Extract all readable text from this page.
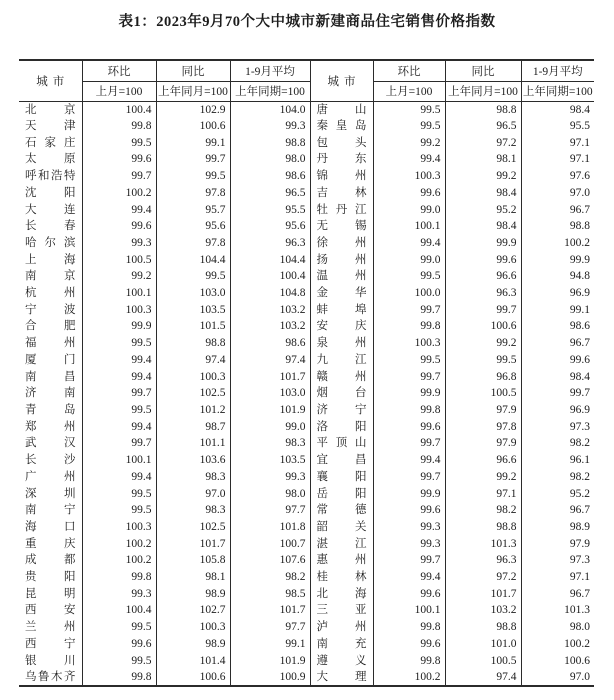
表1：2023年9月70个大中城市新建商品住宅销售价格指数
城市	环比	同比	1-9月平均	城市	环比	同比	1-9月平均
	上月=100	上年同月=100	上年同期=100		上月=100	上年同月=100	上年同期=100

北 京	100.4	102.9	104.0	唐 山	99.5	98.8	98.4

天 津	99.8	100.6	99.3	秦 皇 岛	99.5	96.5	95.5

石 家 庄	99.5	99.1	98.8	包 头	99.2	97.2	97.1

太 原	99.6	99.7	98.0	丹 东	99.4	98.1	97.1

呼 和 浩 特	99.7	99.5	98.6	锦 州	100.3	99.2	97.6

沈 阳	100.2	97.8	96.5	吉 林	99.6	98.4	97.0

大 连	99.4	95.7	95.5	牡 丹 江	99.0	95.2	96.7

长 春	99.6	95.6	95.6	无 锡	100.1	98.4	98.8

哈 尔 滨	99.3	97.8	96.3	徐 州	99.4	99.9	100.2

上 海	100.5	104.4	104.4	扬 州	99.0	99.6	99.9

南 京	99.2	99.5	100.4	温 州	99.5	96.6	94.8

杭 州	100.1	103.0	104.8	金 华	100.0	96.3	96.9

宁 波	100.3	103.5	103.2	蚌 埠	99.7	99.7	99.1

合 肥	99.9	101.5	103.2	安 庆	99.8	100.6	98.6

福 州	99.5	98.8	98.6	泉 州	100.3	99.2	96.7

厦 门	99.4	97.4	97.4	九 江	99.5	99.5	99.6

南 昌	99.4	100.3	101.7	赣 州	99.7	96.8	98.4

济 南	99.7	102.5	103.0	烟 台	99.9	100.5	99.7

青 岛	99.5	101.2	101.9	济 宁	99.8	97.9	96.9

郑 州	99.4	98.7	99.0	洛 阳	99.6	97.8	97.3

武 汉	99.7	101.1	98.3	平 顶 山	99.7	97.9	98.2

长 沙	100.1	103.6	103.5	宜 昌	99.4	96.6	96.1

广 州	99.4	98.3	99.3	襄 阳	99.7	99.2	98.2

深 圳	99.5	97.0	98.0	岳 阳	99.9	97.1	95.2

南 宁	99.5	98.3	97.7	常 德	99.6	98.2	96.7

海 口	100.3	102.5	101.8	韶 关	99.3	98.8	98.9

重 庆	100.2	101.7	100.7	湛 江	99.3	101.3	97.9

成 都	100.2	105.8	107.6	惠 州	99.7	96.3	97.3

贵 阳	99.8	98.1	98.2	桂 林	99.4	97.2	97.1

昆 明	99.3	98.9	98.5	北 海	99.6	101.7	96.7

西 安	100.4	102.7	101.7	三 亚	100.1	103.2	101.3

兰 州	99.5	100.3	97.7	泸 州	99.8	98.8	98.0

西 宁	99.6	98.9	99.1	南 充	99.6	101.0	100.2

银 川	99.5	101.4	101.9	遵 义	99.8	100.5	100.6

乌 鲁 木 齐	99.8	100.6	100.9	大 理	100.2	97.4	97.0
